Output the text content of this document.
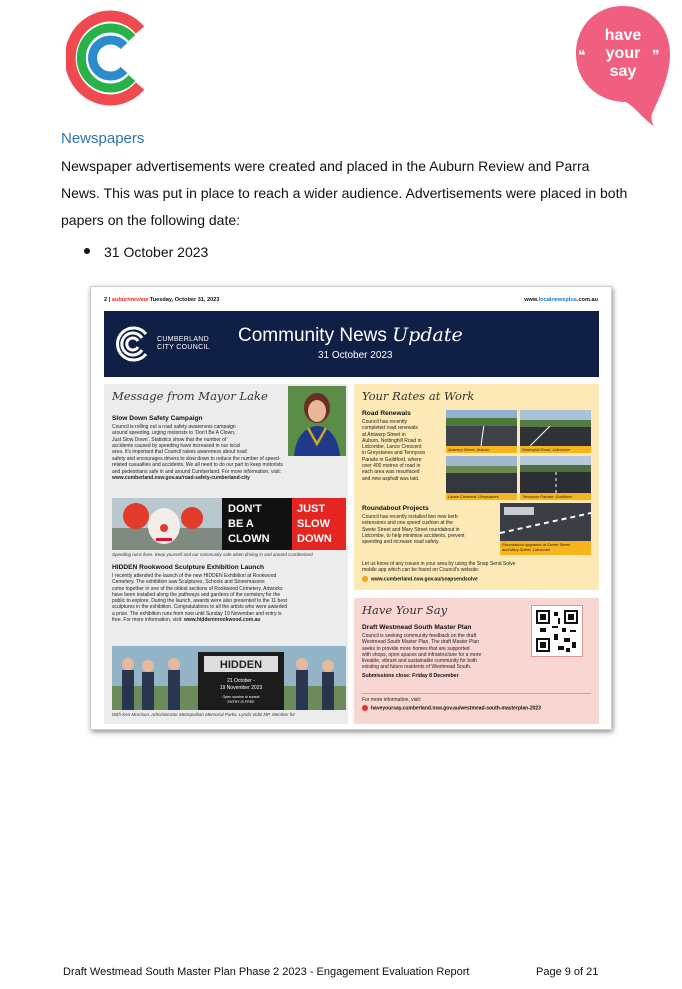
❝	❞
have
your
say
Newspapers
Newspaper advertisements were created and placed in the Auburn Review and Parra News. This was put in place to reach a wider audience. Advertisements were placed in both papers on the following date:
31 October 2023
2 | auburnreview Tuesday, October 31, 2023	www.localnewsplus.com.au
CUMBERLAND
CITY COUNCIL
Community News Update
31 October 2023
Message from Mayor Lake
Slow Down Safety Campaign
Council is rolling out a road safety awareness campaign
around speeding, urging motorists to 'Don't Be A Clown,
Just Slow Down'. Statistics show that the number of
accidents caused by speeding have increased in our local
area. It's important that Council raises awareness about road
safety and encourages drivers to slow down to reduce the number of speed-
related casualties and accidents. We all need to do our part to keep motorists
and pedestrians safe in and around Cumberland. For more information, visit:
www.cumberland.nsw.gov.au/road-safety-cumberland-city
DON'T
BE A
CLOWN
JUST
SLOW
DOWN
Speeding ruins lives. Keep yourself and our community safe when driving in and around Cumberland
HIDDEN Rookwood Sculpture Exhibition Launch
I recently attended the launch of the new HIDDEN Exhibition at Rookwood
Cemetery. The exhibition saw Sculptures, Schools and Stonemasons
come together in one of the oldest sections of Rookwood Cemetery. Artworks
have been installed along the pathways and gardens of the cemetery for the
public to explore. During the launch, awards were also presented to the 11 best
sculptures in the exhibition. Congratulations to all the artists who were awarded
a prize. The exhibition runs from now until Sunday 19 November and entry is
free. For more information, visit: www.hiddeninrookwood.com.au
HIDDEN
21 October -
19 November 2023
Open sunrise to sunset
ENTRY IS FREE
With Ken Morrison, Administrator Metropolitan Memorial Parks, Lynda Voltz MP, Member for
Your Rates at Work
Road Renewals
Council has recently
completed road renewals
at Antwerp Street in
Auburn, Nottinghill Road in
Lidcombe, Lance Crescent
in Greystanes and Tennyson
Parade in Guildford, where
over 400 metres of road in
each area was resurfaced
and new asphalt was laid.
Antwerp Street, Auburn	Nottinghill Road, Lidcombe
Lance Crescent, Greystanes	Tennyson Parade, Guildford
Roundabout Projects
Council has recently installed two new kerb
extensions and one speed cushion at the
Swete Street and Mary Street roundabout in
Lidcombe, to help minimise accidents, prevent
speeding and increase road safety.	Roundabout upgrades at Swete Street
and Mary Street, Lidcombe
Let us know of any issues in your area by using the Snap Send Solve
mobile app which can be found on Council's website:
www.cumberland.nsw.gov.au/snapsendsolve
Have Your Say
Draft Westmead South Master Plan
Council is seeking community feedback on the draft
Westmead South Master Plan. The draft Master Plan
seeks to provide more homes that are supported
with shops, open spaces and infrastructure for a more
liveable, vibrant and sustainable community for both
existing and future residents of Westmead South.
Submissions close: Friday 8 December
For more information, visit:
haveyoursay.cumberland.nsw.gov.au/westmead-south-masterplan-2023
Draft Westmead South Master Plan Phase 2 2023 - Engagement Evaluation Report	Page 9 of 21
